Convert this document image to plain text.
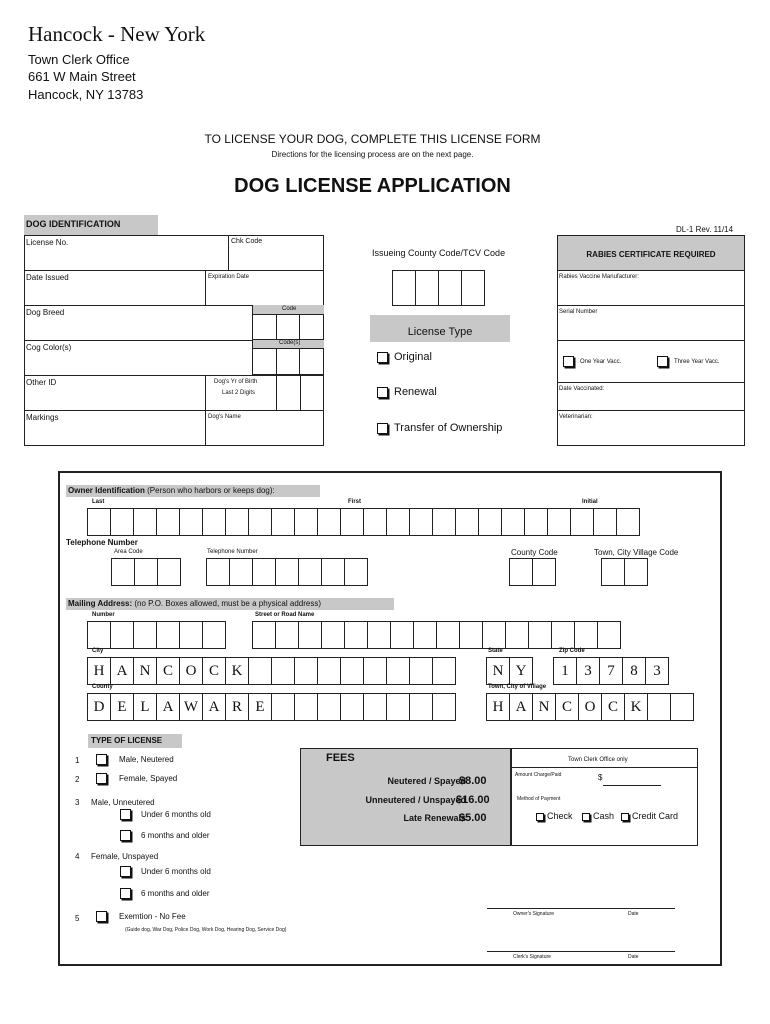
Hancock - New York
Town Clerk Office
661 W Main Street
Hancock, NY 13783
TO LICENSE YOUR DOG, COMPLETE THIS LICENSE FORM
Directions for the licensing process are on the next page.
DOG LICENSE APPLICATION
DOG IDENTIFICATION
License No.	Chk Code
Date Issued	Expiration Date
Dog Breed	Code
Cog Color(s)	Code(s)
Other ID	Dog's Yr of Birth
Last 2 Digits
Markings	Dog's Name
Issueing County Code/TCV Code
License Type
Original
Renewal
Transfer of Ownership
DL-1 Rev. 11/14
RABIES CERTIFICATE REQUIRED
Rabies Vaccine Manufacturer:
Serial Number
One Year Vacc.	Three Year Vacc.
Date Vaccinated:
Veterinarian:
Owner Identification (Person who harbors or keeps dog):
Last	First	Initial
Telephone Number
Area Code	Telephone Number	County Code	Town, City Village Code
Mailing Address: (no P.O. Boxes allowed, must be a physical address)
Number	Street or Road Name
City	State	Zip Code
H A N C O C K	N Y	1	3	7	8	3
County	Town, City of Village
D E L A W A R E	H A N C O C K
TYPE OF LICENSE
1	Male, Neutered
2	Female, Spayed
3 Male, Unneutered
Under 6 months old
6 months and older
4 Female, Unspayed
Under 6 months old
6 months and older
5	Exemtion - No Fee
(Guide dog, War Dog, Police Dog, Work Dog, Hearing Dog, Service Dog)
FEES
Neutered / Spayed
$8.00
Unneutered / Unspayed
$16.00
Late Renewals
$5.00
Town Clerk Office only
Amount Charge/Paid	$
Method of Payment
Check	Cash	Credit Card
Owner's Signature	Date
Clerk's Signature	Date
